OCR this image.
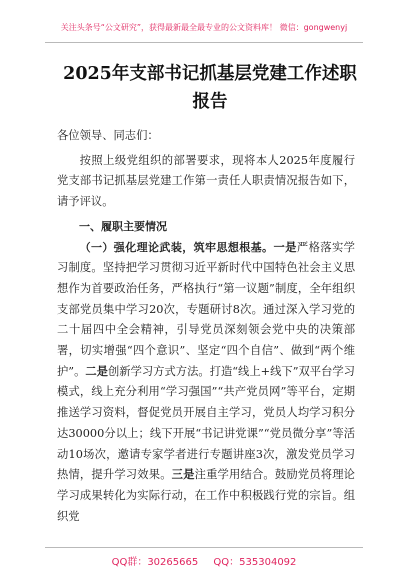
关注头条号“公文研究”，获得最新最全最专业的公文资料库！ 微信：gongwenyj
2025年支部书记抓基层党建工作述职报告

各位领导、同志们：

按照上级党组织的部署要求，现将本人2025年度履行党支部书记抓基层党建工作第一责任人职责情况报告如下，请予评议。

一、履职主要情况

（一）强化理论武装，筑牢思想根基。一是严格落实学习制度。坚持把学习贯彻习近平新时代中国特色社会主义思想作为首要政治任务，严格执行“第一议题”制度，全年组织支部党员集中学习20次，专题研讨8次。通过深入学习党的二十届四中全会精神，引导党员深刻领会党中央的决策部署，切实增强“四个意识”、坚定“四个自信”、做到“两个维护”。二是创新学习方式方法。打造“线上+线下”双平台学习模式，线上充分利用“学习强国”“共产党员网”等平台，定期推送学习资料，督促党员开展自主学习，党员人均学习积分达30000分以上；线下开展“书记讲党课”“党员微分享”等活动10场次，邀请专家学者进行专题讲座3次，激发党员学习热情，提升学习效果。三是注重学用结合。鼓励党员将理论学习成果转化为实际行动，在工作中积极践行党的宗旨。组织党

QQ群：30265665 QQ：535304092
